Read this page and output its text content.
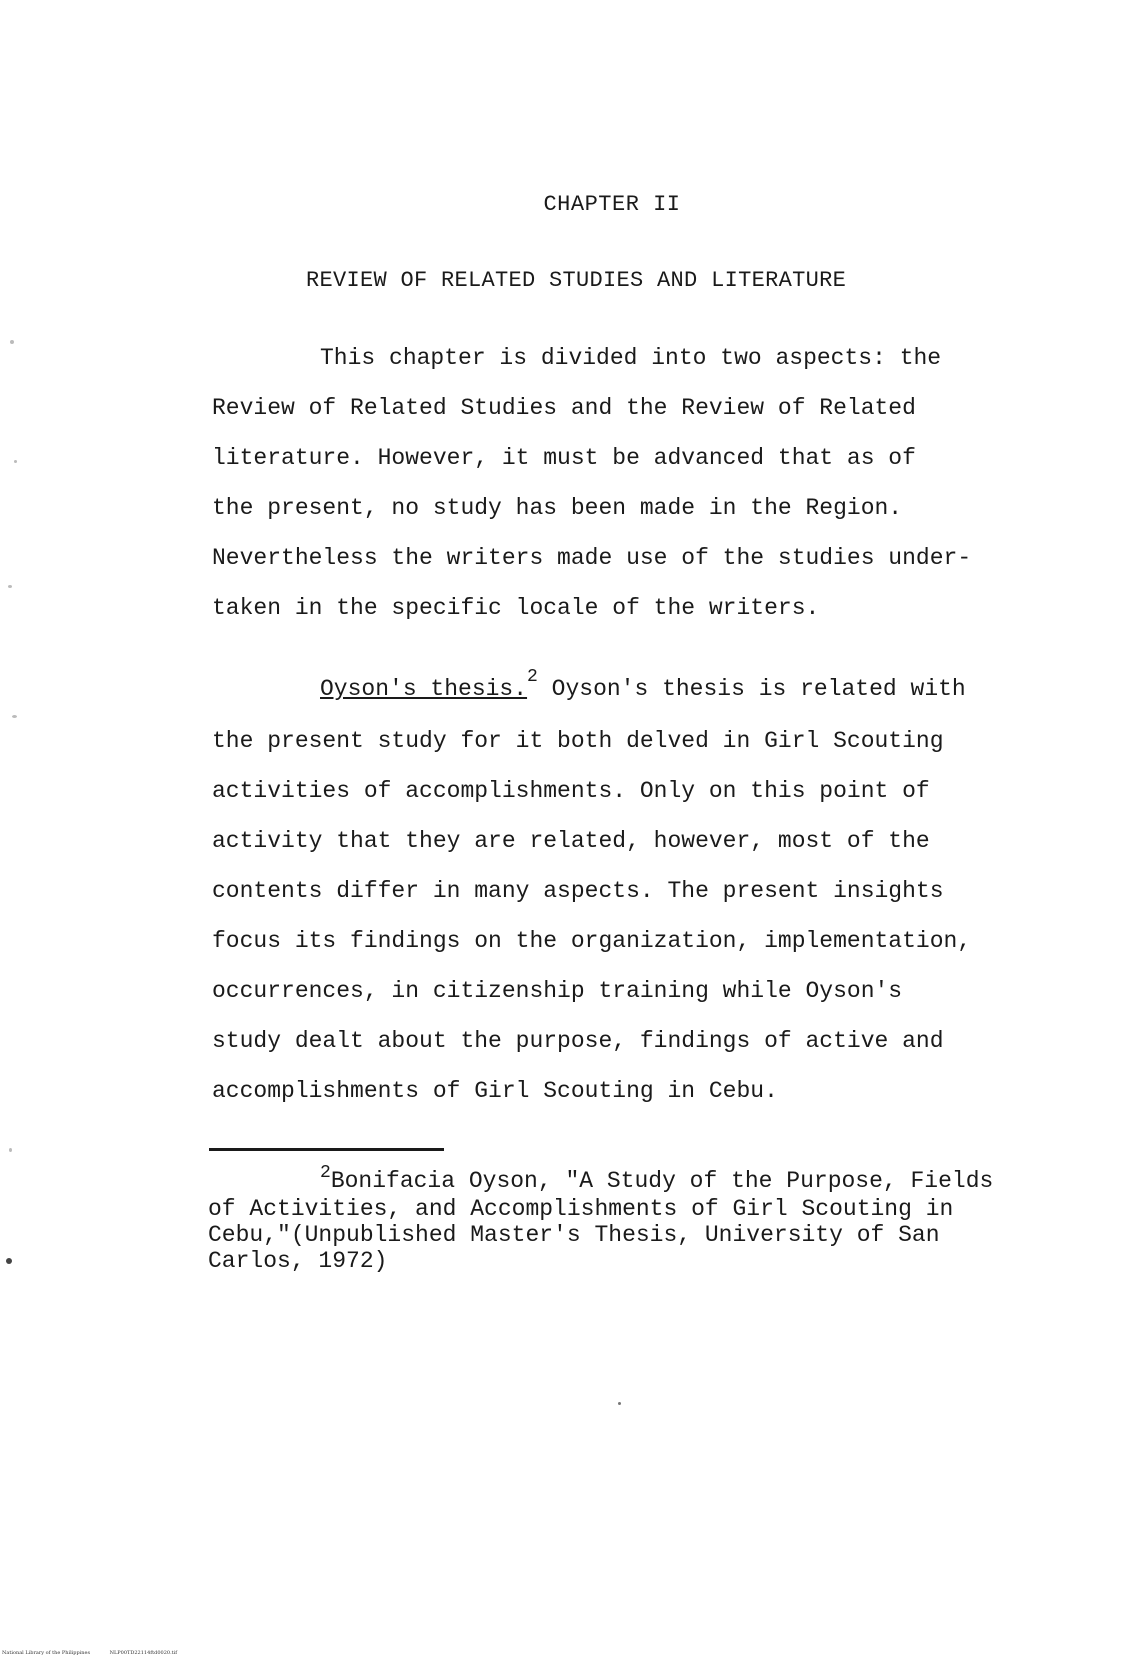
CHAPTER II
REVIEW OF RELATED STUDIES AND LITERATURE
This chapter is divided into two aspects: the
Review of Related Studies and the Review of Related
literature. However, it must be advanced that as of
the present, no study has been made in the Region.
Nevertheless the writers made use of the studies under-
taken in the specific locale of the writers.
Oyson's thesis.$^2$ Oyson's thesis is related with
the present study for it both delved in Girl Scouting
activities of accomplishments. Only on this point of
activity that they are related, however, most of the
contents differ in many aspects. The present insights
focus its findings on the organization, implementation,
occurrences, in citizenship training while Oyson's
study dealt about the purpose, findings of active and
accomplishments of Girl Scouting in Cebu.
$^2$Bonifacia Oyson, "A Study of the Purpose, Fields
of Activities, and Accomplishments of Girl Scouting in
Cebu,"(Unpublished Master's Thesis, University of San
Carlos, 1972)
National Library of the Philippines	NLP00TD22114ftd0020.tif
